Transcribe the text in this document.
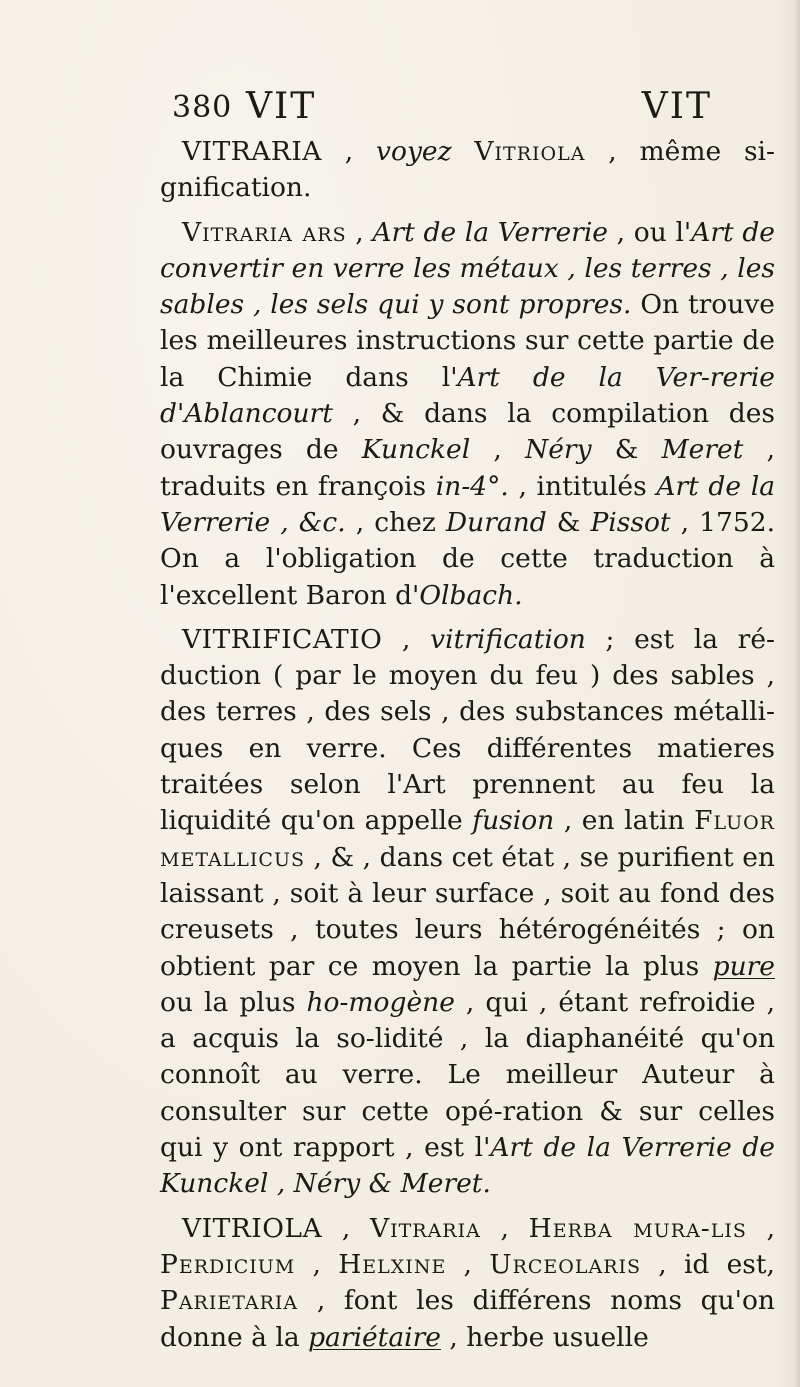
380 VIT	VIT

VITRARIA , voyez Vitriola , même si-gnification.

Vitraria ars , Art de la Verrerie , ou l'Art de convertir en verre les métaux , les terres , les sables , les sels qui y sont propres. On trouve les meilleures instructions sur cette partie de la Chimie dans l'Art de la Ver-rerie d'Ablancourt , & dans la compilation des ouvrages de Kunckel , Néry & Meret , traduits en françois in-4°. , intitulés Art de la Verrerie , &c. , chez Durand & Pissot , 1752. On a l'obligation de cette traduction à l'excellent Baron d'Olbach.

VITRIFICATIO , vitrification ; est la ré-duction ( par le moyen du feu ) des sables , des terres , des sels , des substances métalli-ques en verre. Ces différentes matieres traitées selon l'Art prennent au feu la liquidité qu'on appelle fusion , en latin Fluor metallicus , & , dans cet état , se purifient en laissant , soit à leur surface , soit au fond des creusets , toutes leurs hétérogénéités ; on obtient par ce moyen la partie la plus pure ou la plus ho-mogène , qui , étant refroidie , a acquis la so-lidité , la diaphanéité qu'on connoît au verre. Le meilleur Auteur à consulter sur cette opé-ration & sur celles qui y ont rapport , est l'Art de la Verrerie de Kunckel , Néry & Meret.

VITRIOLA , Vitraria , Herba mura-lis , Perdicium , Helxine , Urceolaris , id est, Parietaria , font les différens noms qu'on donne à la pariétaire , herbe usuelle
